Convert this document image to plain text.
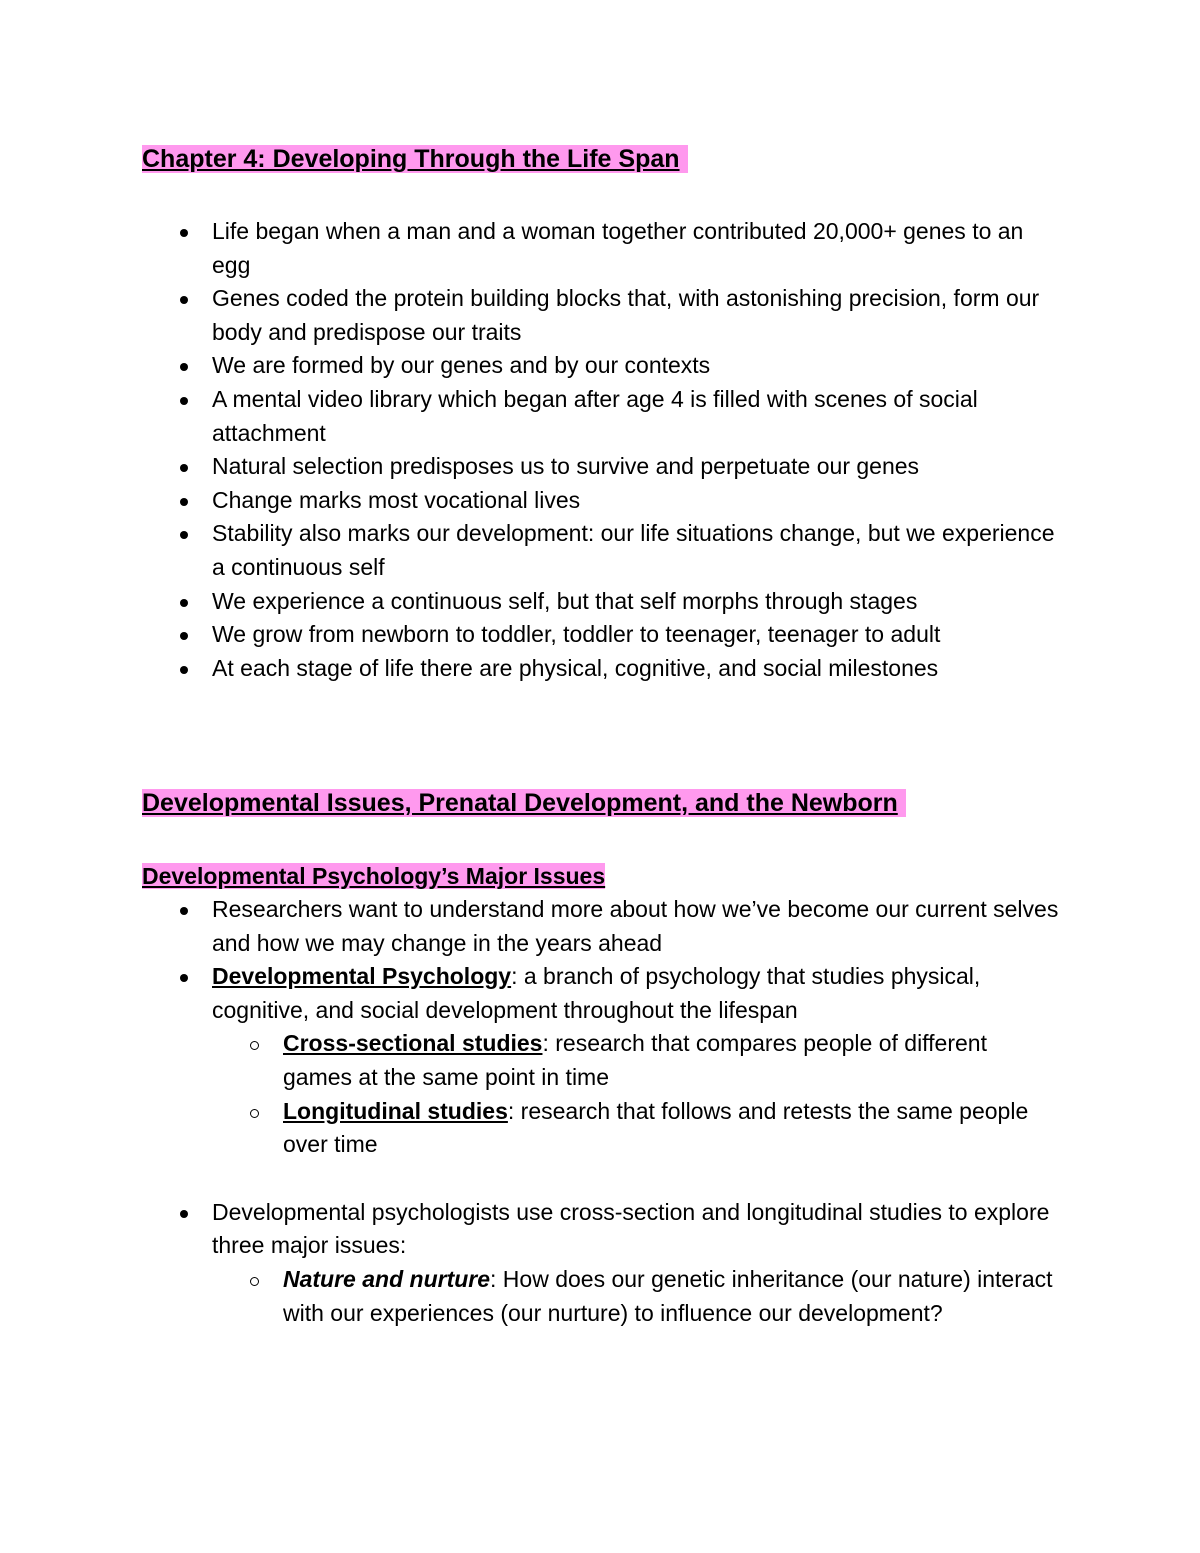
Chapter 4: Developing Through the Life Span
Life began when a man and a woman together contributed 20,000+ genes to an egg
Genes coded the protein building blocks that, with astonishing precision, form our body and predispose our traits
We are formed by our genes and by our contexts
A mental video library which began after age 4 is filled with scenes of social attachment
Natural selection predisposes us to survive and perpetuate our genes
Change marks most vocational lives
Stability also marks our development: our life situations change, but we experience a continuous self
We experience a continuous self, but that self morphs through stages
We grow from newborn to toddler, toddler to teenager, teenager to adult
At each stage of life there are physical, cognitive, and social milestones
Developmental Issues, Prenatal Development, and the Newborn
Developmental Psychology’s Major Issues
Researchers want to understand more about how we’ve become our current selves and how we may change in the years ahead
Developmental Psychology: a branch of psychology that studies physical, cognitive, and social development throughout the lifespan
Cross-sectional studies: research that compares people of different games at the same point in time
Longitudinal studies: research that follows and retests the same people over time
Developmental psychologists use cross-section and longitudinal studies to explore three major issues:
Nature and nurture: How does our genetic inheritance (our nature) interact with our experiences (our nurture) to influence our development?
